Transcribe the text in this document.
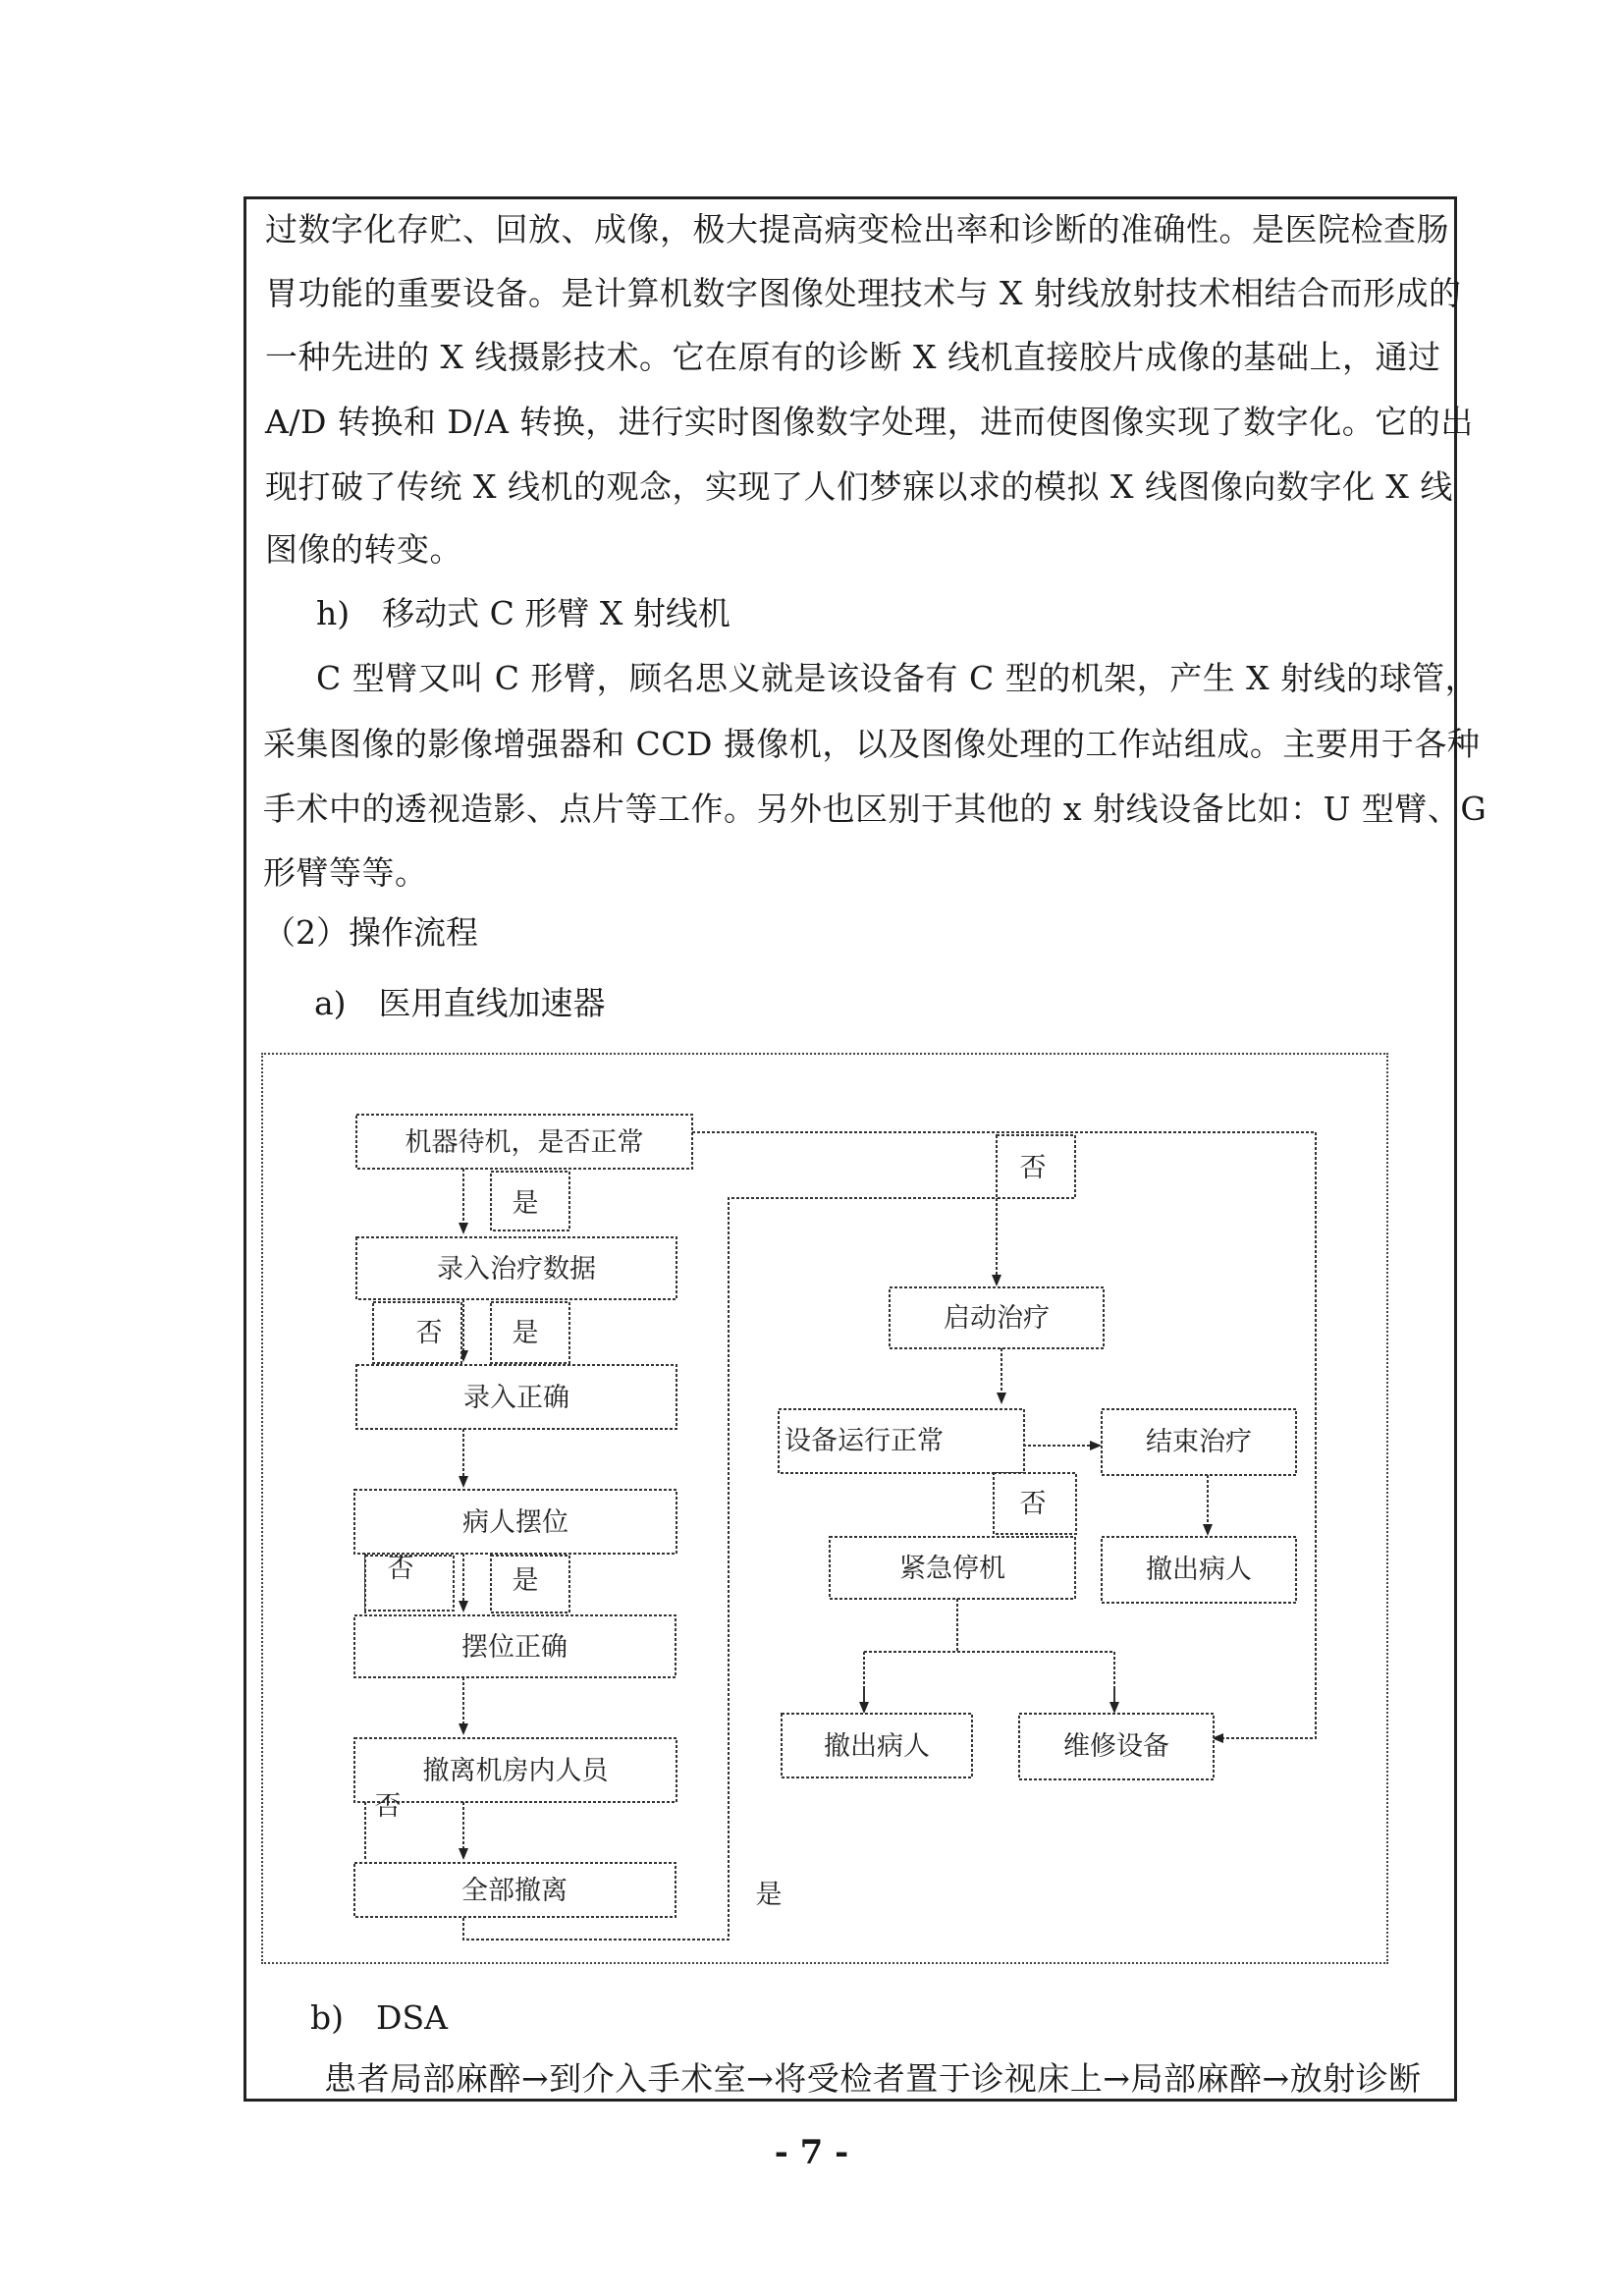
过数字化存贮、回放、成像，极大提高病变检出率和诊断的准确性。是医院检查肠
胃功能的重要设备。是计算机数字图像处理技术与 X 射线放射技术相结合而形成的
一种先进的 X 线摄影技术。它在原有的诊断 X 线机直接胶片成像的基础上，通过
A/D 转换和 D/A 转换，进行实时图像数字处理，进而使图像实现了数字化。它的出
现打破了传统 X 线机的观念，实现了人们梦寐以求的模拟 X 线图像向数字化 X 线
图像的转变。
h)　移动式 C 形臂 X 射线机
C 型臂又叫 C 形臂，顾名思义就是该设备有 C 型的机架，产生 X 射线的球管，
采集图像的影像增强器和 CCD 摄像机，以及图像处理的工作站组成。主要用于各种
手术中的透视造影、点片等工作。另外也区别于其他的 x 射线设备比如：U 型臂、G
形臂等等。
（2）操作流程
a)　医用直线加速器
机器待机，是否正常
录入治疗数据
录入正确
病人摆位
摆位正确
撤离机房内人员
全部撤离
启动治疗
设备运行正常	结束治疗
撤出病人
紧急停机
撤出病人	维修设备
是
否	是
否	是
否
否
否
是
b)　DSA
患者局部麻醉→到介入手术室→将受检者置于诊视床上→局部麻醉→放射诊断
- 7 -
